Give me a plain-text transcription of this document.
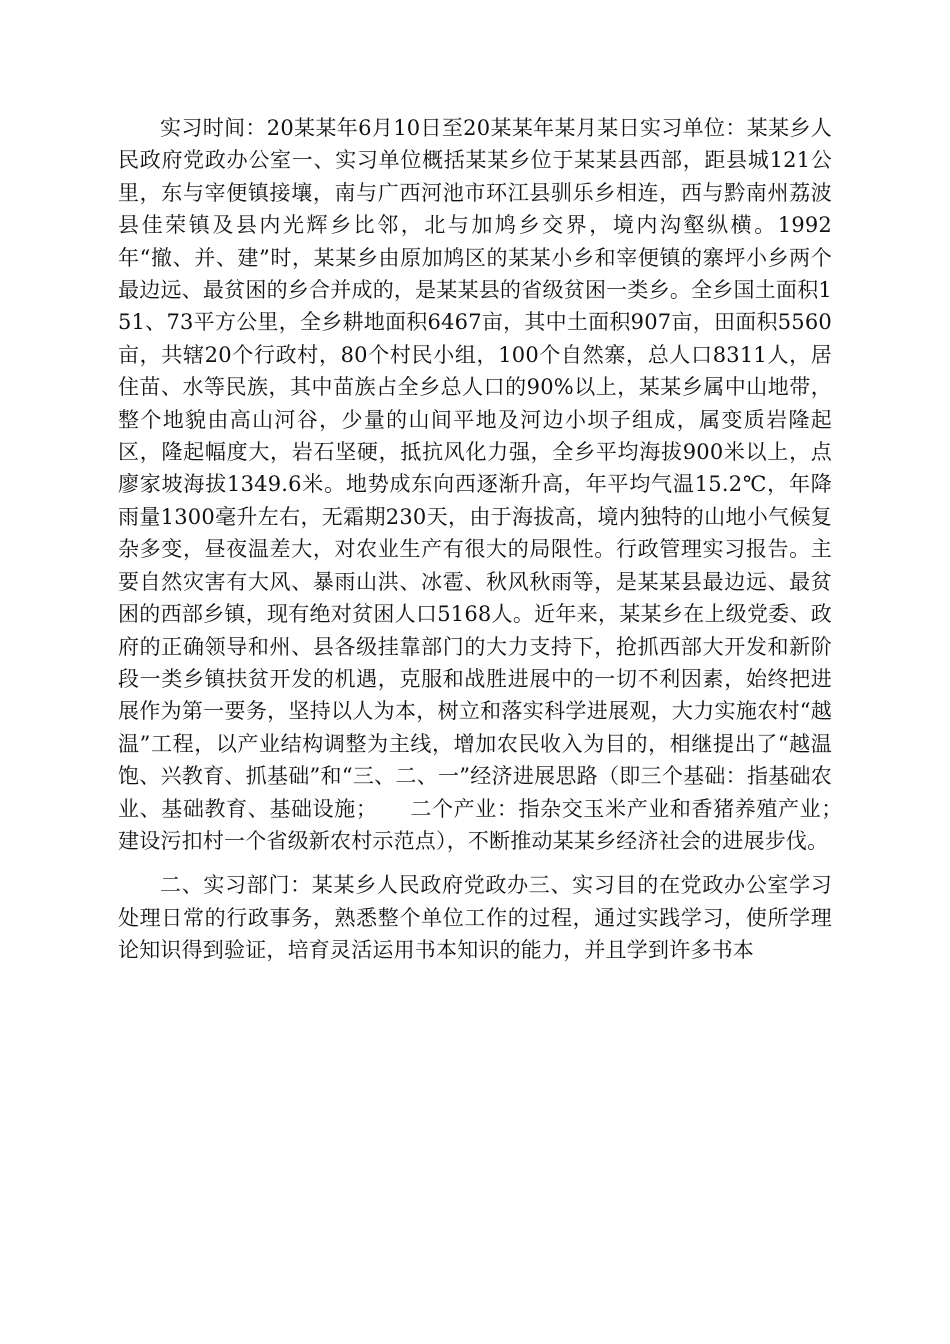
实习时间：20某某年6月10日至20某某年某月某日实习单位：某某乡人民政府党政办公室一、实习单位概括某某乡位于某某县西部，距县城121公里，东与宰便镇接壤，南与广西河池市环江县驯乐乡相连，西与黔南州荔波县佳荣镇及县内光辉乡比邻，北与加鸠乡交界，境内沟壑纵横。1992年“撤、并、建”时，某某乡由原加鸠区的某某小乡和宰便镇的寨坪小乡两个最边远、最贫困的乡合并成的，是某某县的省级贫困一类乡。全乡国土面积151、73平方公里，全乡耕地面积6467亩，其中土面积907亩，田面积5560亩，共辖20个行政村，80个村民小组，100个自然寨，总人口8311人，居住苗、水等民族，其中苗族占全乡总人口的90%以上，某某乡属中山地带，整个地貌由高山河谷，少量的山间平地及河边小坝子组成，属变质岩隆起区，隆起幅度大，岩石坚硬，抵抗风化力强，全乡平均海拔900米以上，点廖家坡海拔1349.6米。地势成东向西逐渐升高，年平均气温15.2℃，年降雨量1300毫升左右，无霜期230天，由于海拔高，境内独特的山地小气候复杂多变，昼夜温差大，对农业生产有很大的局限性。行政管理实习报告。主要自然灾害有大风、暴雨山洪、冰雹、秋风秋雨等，是某某县最边远、最贫困的西部乡镇，现有绝对贫困人口5168人。近年来，某某乡在上级党委、政府的正确领导和州、县各级挂靠部门的大力支持下，抢抓西部大开发和新阶段一类乡镇扶贫开发的机遇，克服和战胜进展中的一切不利因素，始终把进展作为第一要务，坚持以人为本，树立和落实科学进展观，大力实施农村“越温”工程，以产业结构调整为主线，增加农民收入为目的，相继提出了“越温饱、兴教育、抓基础”和“三、二、一”经济进展思路（即三个基础：指基础农业、基础教育、基础设施；　　二个产业：指杂交玉米产业和香猪养殖产业；　　建设污扣村一个省级新农村示范点），不断推动某某乡经济社会的进展步伐。

二、实习部门：某某乡人民政府党政办三、实习目的在党政办公室学习处理日常的行政事务，熟悉整个单位工作的过程，通过实践学习，使所学理论知识得到验证，培育灵活运用书本知识的能力，并且学到许多书本
